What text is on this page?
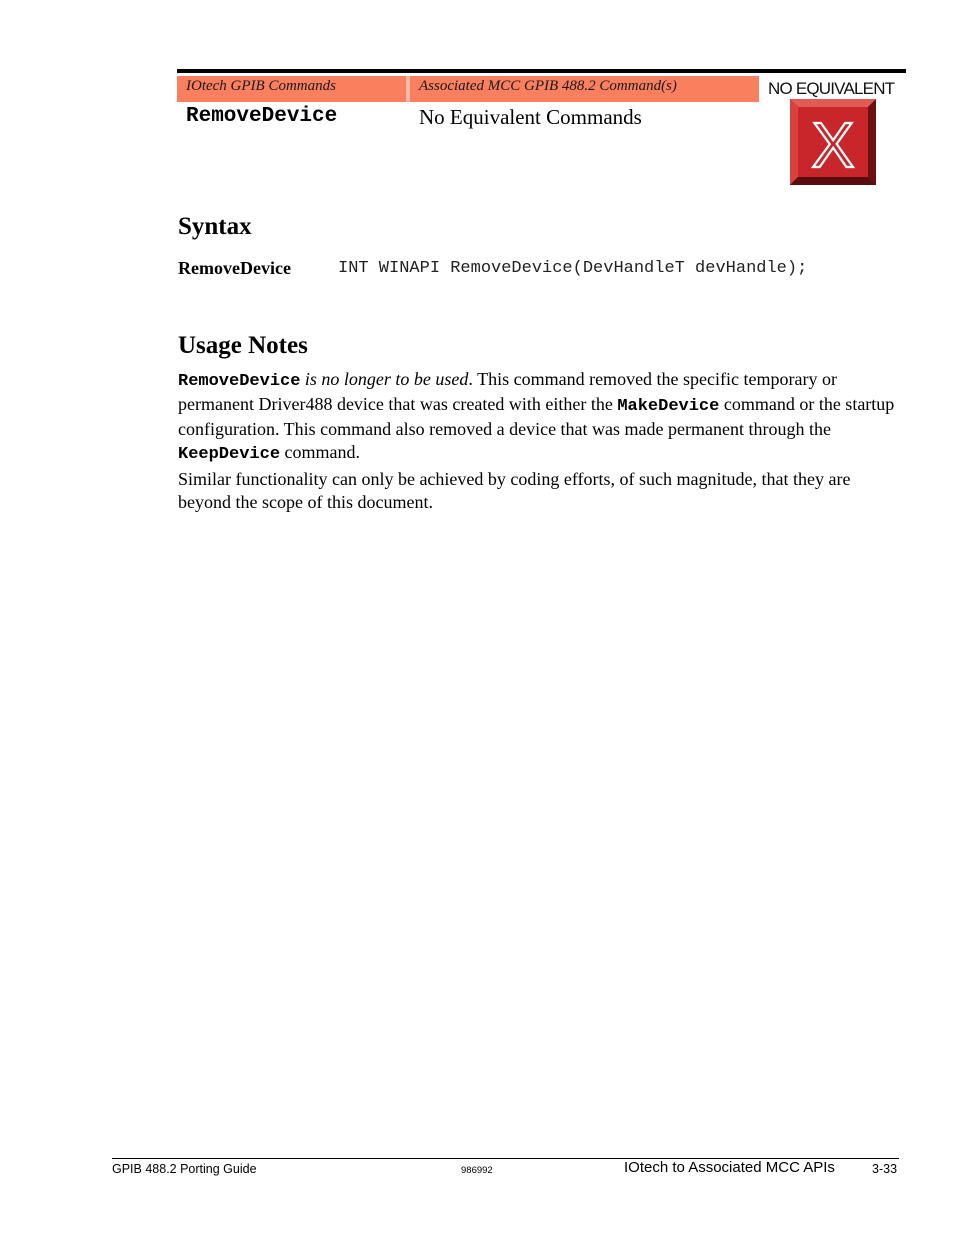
IOtech GPIB Commands	Associated MCC GPIB 488.2 Command(s)
RemoveDevice	No Equivalent Commands
NO EQUIVALENT
X
Syntax
RemoveDevice	INT WINAPI RemoveDevice(DevHandleT devHandle);
Usage Notes

RemoveDevice is no longer to be used. This command removed the specific temporary or permanent Driver488 device that was created with either the MakeDevice command or the startup configuration. This command also removed a device that was made permanent through the KeepDevice command.

Similar functionality can only be achieved by coding efforts, of such magnitude, that they are beyond the scope of this document.

GPIB 488.2 Porting Guide	986992	IOtech to Associated MCC APIs	3-33
